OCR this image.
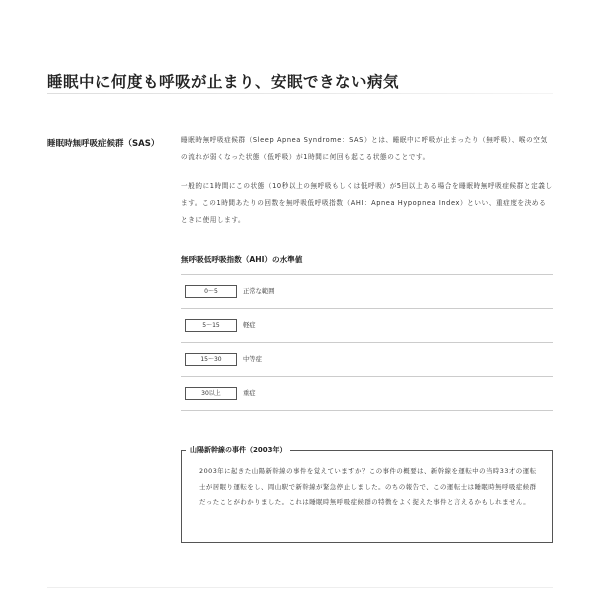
睡眠中に何度も呼吸が止まり、安眠できない病気
睡眠時無呼吸症候群（SAS）	睡眠時無呼吸症候群（Sleep Apnea Syndrome：SAS）とは、睡眠中に呼吸が止まったり（無呼吸）、喉の空気の流れが弱くなった状態（低呼吸）が1時間に何回も起こる状態のことです。

一般的に1時間にこの状態（10秒以上の無呼吸もしくは低呼吸）が5回以上ある場合を睡眠時無呼吸症候群と定義します。この1時間あたりの回数を無呼吸低呼吸指数（AHI：Apnea Hypopnea Index）といい、重症度を決めるときに使用します。

無呼吸低呼吸指数（AHI）の水準値
0〜5	正常な範囲
5〜15	軽症
15〜30	中等症
30以上	重症
山陽新幹線の事件（2003年）

2003年に起きた山陽新幹線の事件を覚えていますか？この事件の概要は、新幹線を運転中の当時33才の運転士が居眠り運転をし、岡山駅で新幹線が緊急停止しました。のちの報告で、この運転士は睡眠時無呼吸症候群だったことがわかりました。これは睡眠時無呼吸症候群の特徴をよく捉えた事件と言えるかもしれません。
